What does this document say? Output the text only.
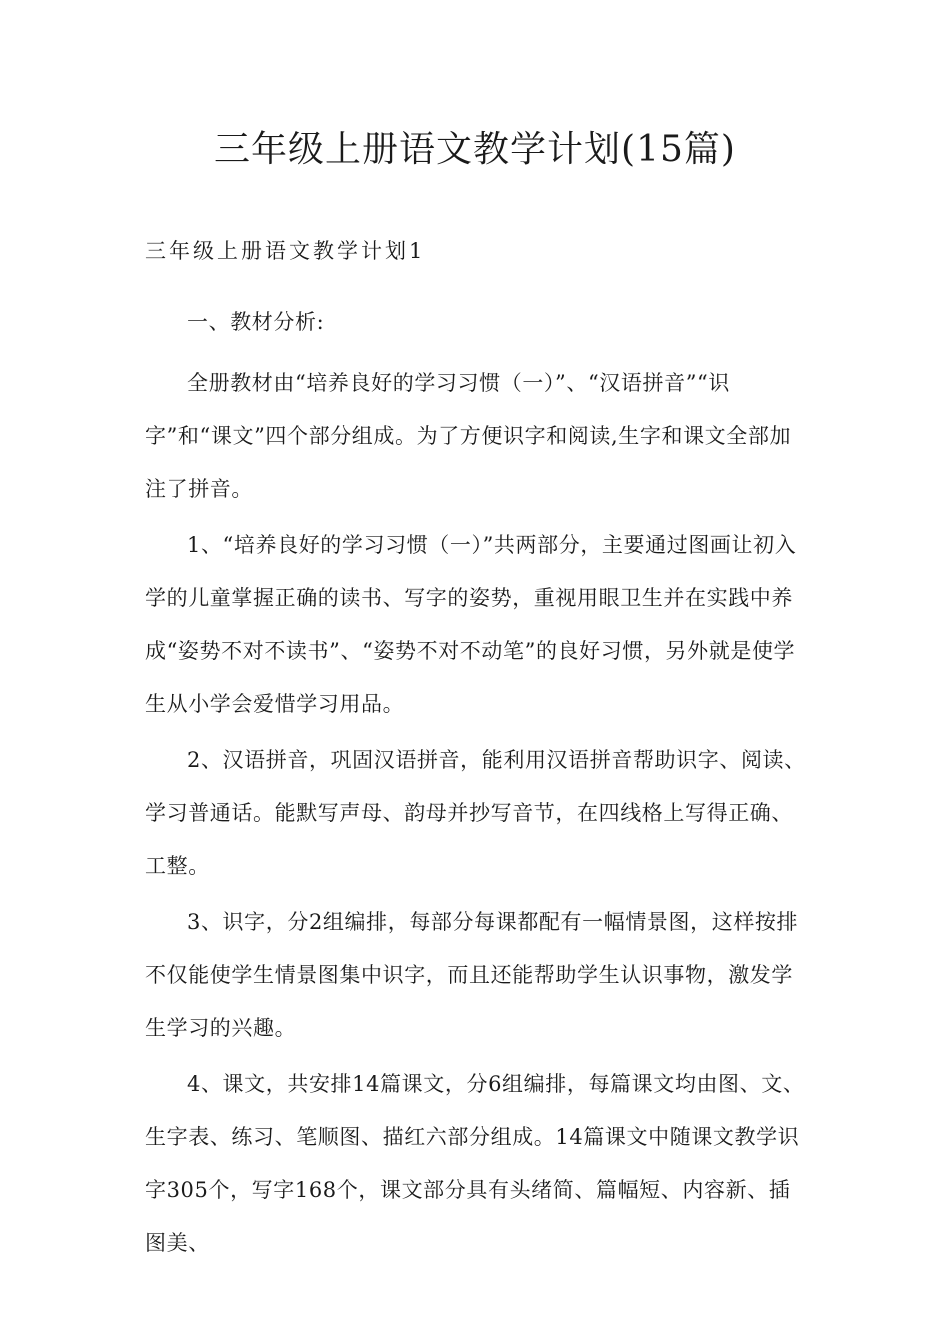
三年级上册语文教学计划(15篇)
三年级上册语文教学计划1

一、教材分析:

全册教材由“培养良好的学习习惯（一）”、“汉语拼音”“识字”和“课文”四个部分组成。为了方便识字和阅读,生字和课文全部加注了拼音。

1、“培养良好的学习习惯（一）”共两部分，主要通过图画让初入学的儿童掌握正确的读书、写字的姿势，重视用眼卫生并在实践中养成“姿势不对不读书”、“姿势不对不动笔”的良好习惯，另外就是使学生从小学会爱惜学习用品。

2、汉语拼音，巩固汉语拼音，能利用汉语拼音帮助识字、阅读、学习普通话。能默写声母、韵母并抄写音节，在四线格上写得正确、工整。

3、识字，分2组编排，每部分每课都配有一幅情景图，这样按排不仅能使学生情景图集中识字，而且还能帮助学生认识事物，激发学生学习的兴趣。

4、课文，共安排14篇课文，分6组编排，每篇课文均由图、文、生字表、练习、笔顺图、描红六部分组成。14篇课文中随课文教学识字305个，写字168个，课文部分具有头绪简、篇幅短、内容新、插图美、
